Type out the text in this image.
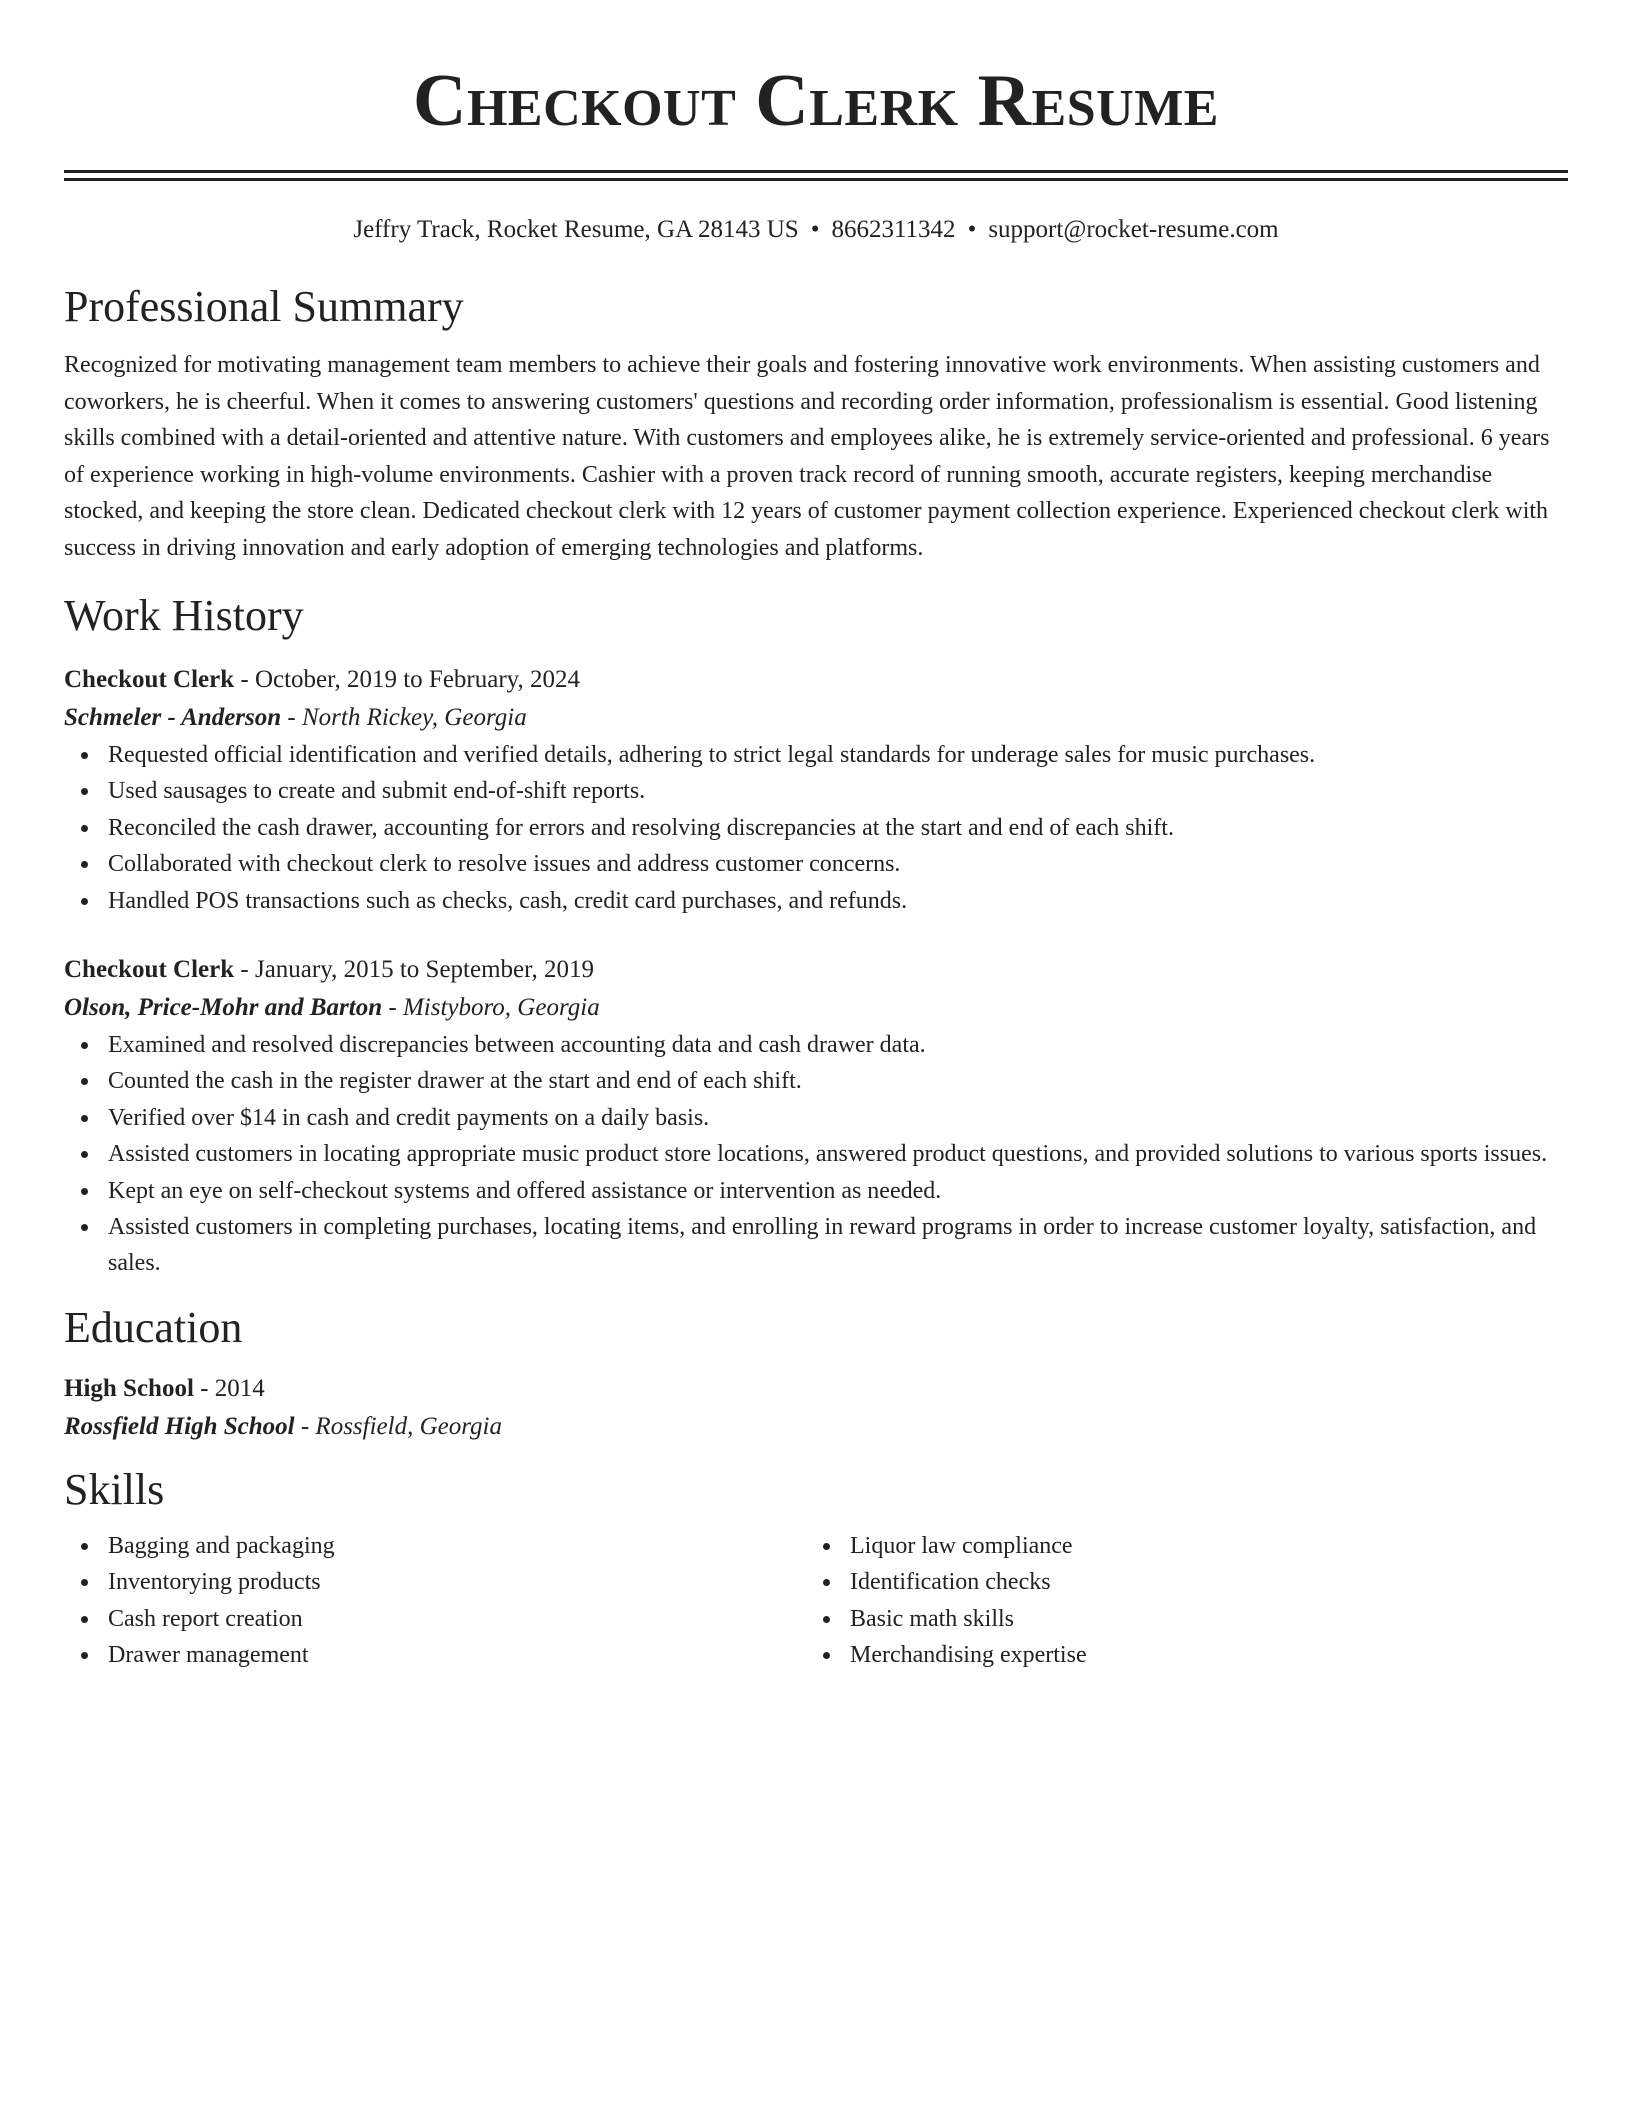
Checkout Clerk Resume
Jeffry Track, Rocket Resume, GA 28143 US • 8662311342 • support@rocket-resume.com
Professional Summary
Recognized for motivating management team members to achieve their goals and fostering innovative work environments. When assisting customers and coworkers, he is cheerful. When it comes to answering customers' questions and recording order information, professionalism is essential. Good listening skills combined with a detail-oriented and attentive nature. With customers and employees alike, he is extremely service-oriented and professional. 6 years of experience working in high-volume environments. Cashier with a proven track record of running smooth, accurate registers, keeping merchandise stocked, and keeping the store clean. Dedicated checkout clerk with 12 years of customer payment collection experience. Experienced checkout clerk with success in driving innovation and early adoption of emerging technologies and platforms.
Work History
Checkout Clerk - October, 2019 to February, 2024
Schmeler - Anderson - North Rickey, Georgia
Requested official identification and verified details, adhering to strict legal standards for underage sales for music purchases.
Used sausages to create and submit end-of-shift reports.
Reconciled the cash drawer, accounting for errors and resolving discrepancies at the start and end of each shift.
Collaborated with checkout clerk to resolve issues and address customer concerns.
Handled POS transactions such as checks, cash, credit card purchases, and refunds.
Checkout Clerk - January, 2015 to September, 2019
Olson, Price-Mohr and Barton - Mistyboro, Georgia
Examined and resolved discrepancies between accounting data and cash drawer data.
Counted the cash in the register drawer at the start and end of each shift.
Verified over $14 in cash and credit payments on a daily basis.
Assisted customers in locating appropriate music product store locations, answered product questions, and provided solutions to various sports issues.
Kept an eye on self-checkout systems and offered assistance or intervention as needed.
Assisted customers in completing purchases, locating items, and enrolling in reward programs in order to increase customer loyalty, satisfaction, and sales.
Education
High School - 2014
Rossfield High School - Rossfield, Georgia
Skills
Bagging and packaging
Inventorying products
Cash report creation
Drawer management
Liquor law compliance
Identification checks
Basic math skills
Merchandising expertise
